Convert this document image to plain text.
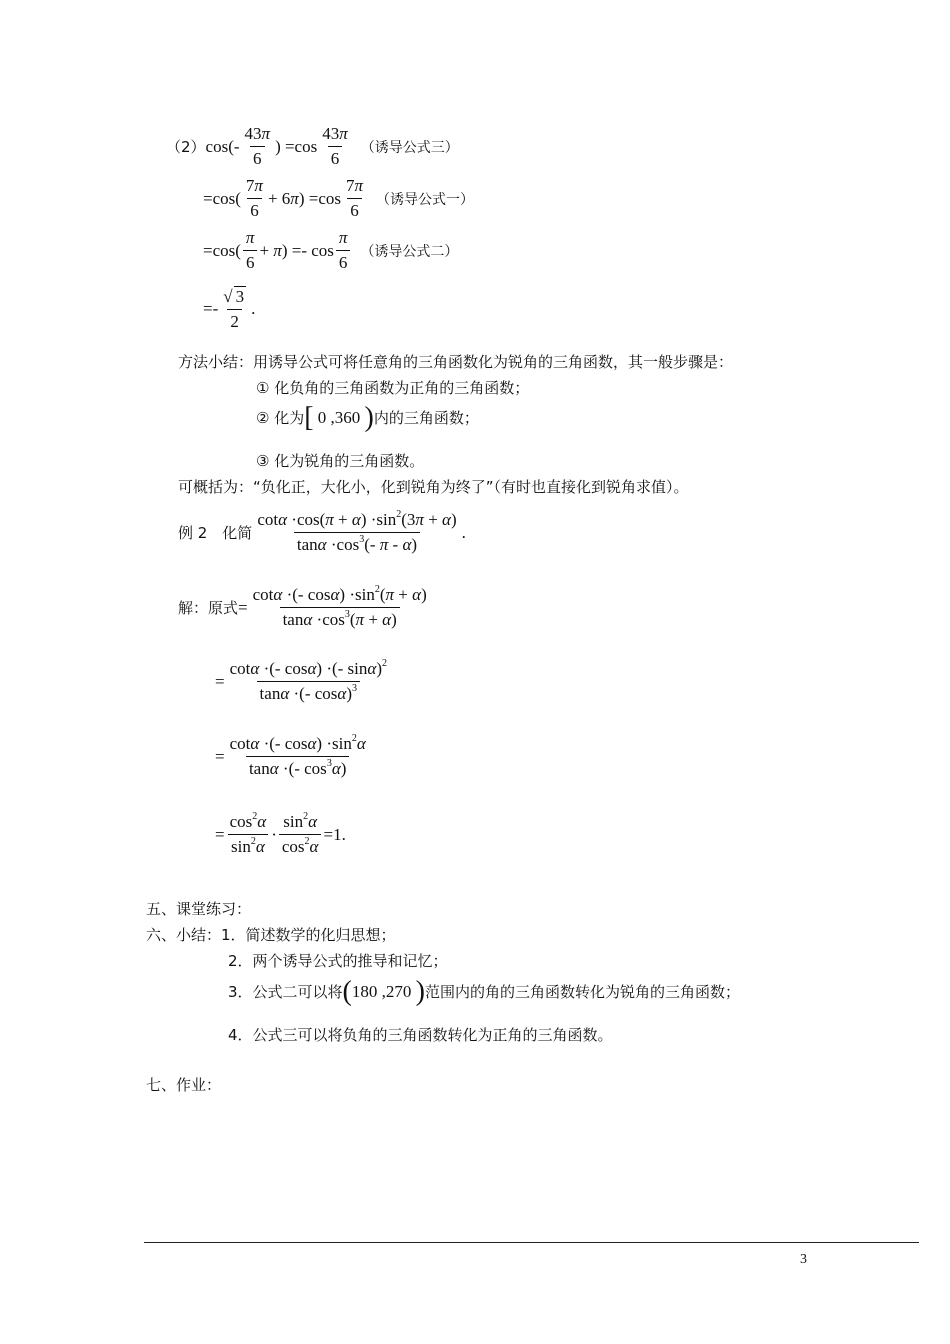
（2） $\cos(- \frac{43\pi}{6}$ ) $=\cos \frac{43\pi}{6}$ （诱导公式三）
$=\cos( \frac{7\pi}{6} + 6\pi) =\cos \frac{7\pi}{6}$ （诱导公式一）
$=\cos( \frac{\pi}{6} + \pi) =- \cos \frac{\pi}{6}$ （诱导公式二）
=- $\frac{√ 3}{2}$ .
方法小结：用诱导公式可将任意角的三角函数化为锐角的三角函数，其一般步骤是：
① 化负角的三角函数为正角的三角函数；
② 化为 [
0 , 360
) 内的三角函数；
③ 化为锐角的三角函数。
可概括为：“负化正，大化小，化到锐角为终了”（有时也直接化到锐角求值）。
例 2　化简 $\frac{\cot\alpha \cdot\cos(\pi + \alpha) \cdot\sin^2(3\pi + \alpha)}{\tan\alpha \cdot\cos^3(- \pi - \alpha)}$ .
解：原式 = $\frac{\cot\alpha \cdot(- \cos\alpha) \cdot\sin^2(\pi + \alpha)}{\tan\alpha \cdot\cos^3(\pi + \alpha)}$
= $\frac{\cot\alpha \cdot(- \cos\alpha) \cdot(- \sin\alpha)^2}{\tan\alpha \cdot(- \cos\alpha)^3}$
= $\frac{\cot\alpha \cdot(- \cos\alpha) \cdot\sin^2\alpha}{\tan\alpha \cdot(- \cos^3\alpha)}$
= $\frac{\cos^2\alpha}{\sin^2\alpha} \cdot \frac{\sin^2\alpha}{\cos^2\alpha} =1$.
五、课堂练习：
六、小结：1．简述数学的化归思想；
2．两个诱导公式的推导和记忆；
3．公式二可以将 ( 180 , 270
) 范围内的角的三角函数转化为锐角的三角函数；
4．公式三可以将负角的三角函数转化为正角的三角函数。
七、作业：
3
